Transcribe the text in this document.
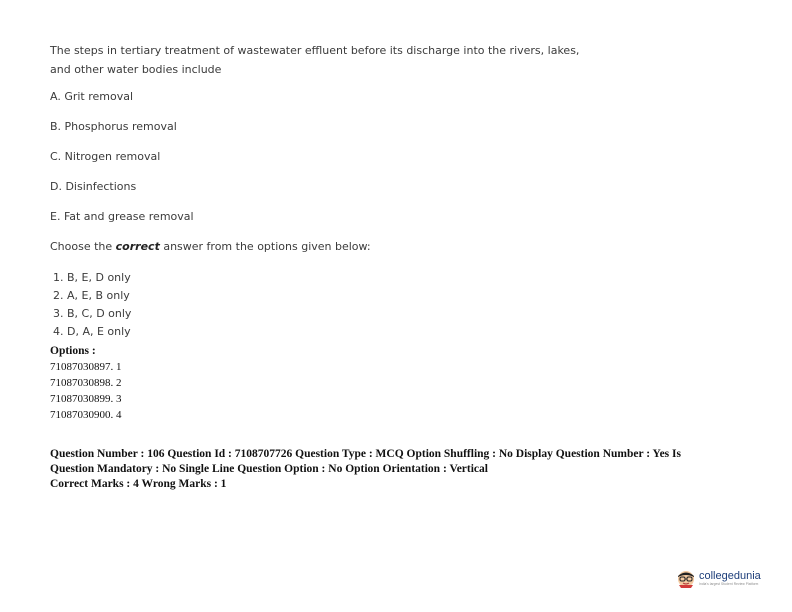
The steps in tertiary treatment of wastewater effluent before its discharge into the rivers, lakes,
and other water bodies include
A. Grit removal
B. Phosphorus removal
C. Nitrogen removal
D. Disinfections
E. Fat and grease removal
Choose the correct answer from the options given below:
1. B, E, D only
2. A, E, B only
3. B, C, D only
4. D, A, E only
Options :
71087030897. 1
71087030898. 2
71087030899. 3
71087030900. 4
Question Number : 106 Question Id : 7108707726 Question Type : MCQ Option Shuffling : No Display Question Number : Yes Is
Question Mandatory : No Single Line Question Option : No Option Orientation : Vertical
Correct Marks : 4 Wrong Marks : 1
collegedunia
India's largest Student Review Platform
